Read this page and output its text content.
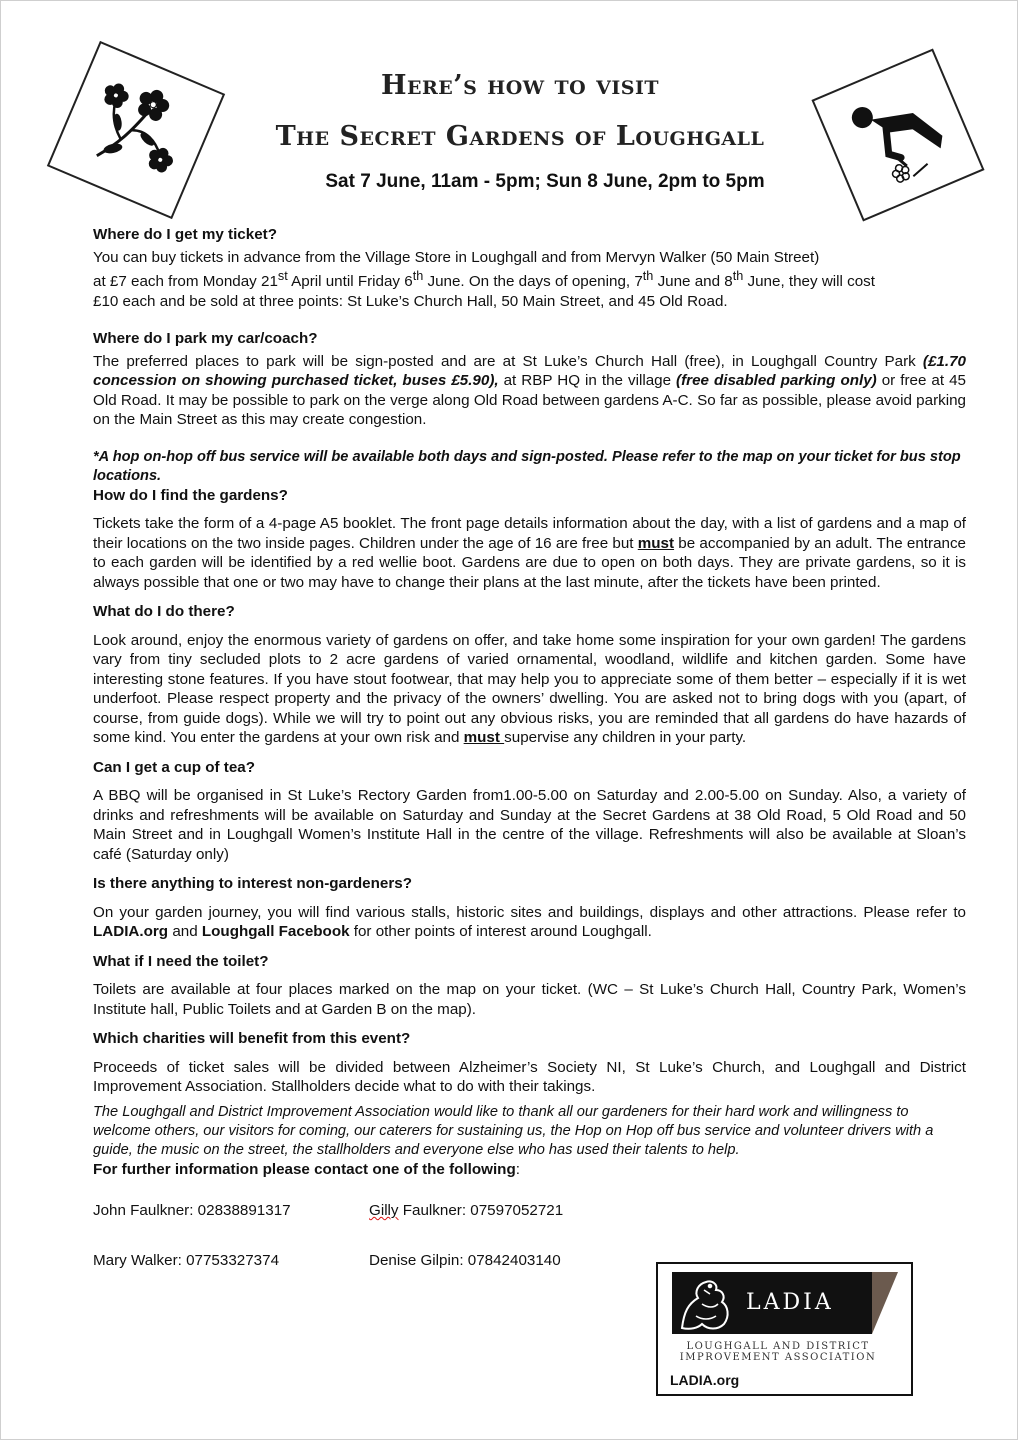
Here’s how to visit
The Secret Gardens of Loughgall
Sat 7 June, 11am - 5pm; Sun 8 June, 2pm to 5pm
Where do I get my ticket?

You can buy tickets in advance from the Village Store in Loughgall and from Mervyn Walker (50 Main Street)

at £7 each from Monday 21st April until Friday 6th June. On the days of opening, 7th June and 8th June, they will cost

£10 each and be sold at three points: St Luke’s Church Hall, 50 Main Street, and 45 Old Road.

Where do I park my car/coach?

The preferred places to park will be sign-posted and are at St Luke’s Church Hall (free), in Loughgall Country Park (£1.70 concession on showing purchased ticket, buses £5.90), at RBP HQ in the village (free disabled parking only) or free at 45 Old Road. It may be possible to park on the verge along Old Road between gardens A-C. So far as possible, please avoid parking on the Main Street as this may create congestion.

*A hop on-hop off bus service will be available both days and sign-posted. Please refer to the map on your ticket for bus stop locations.

How do I find the gardens?

Tickets take the form of a 4-page A5 booklet. The front page details information about the day, with a list of gardens and a map of their locations on the two inside pages. Children under the age of 16 are free but must be accompanied by an adult. The entrance to each garden will be identified by a red wellie boot. Gardens are due to open on both days. They are private gardens, so it is always possible that one or two may have to change their plans at the last minute, after the tickets have been printed.

What do I do there?

Look around, enjoy the enormous variety of gardens on offer, and take home some inspiration for your own garden! The gardens vary from tiny secluded plots to 2 acre gardens of varied ornamental, woodland, wildlife and kitchen garden. Some have interesting stone features. If you have stout footwear, that may help you to appreciate some of them better – especially if it is wet underfoot. Please respect property and the privacy of the owners’ dwelling. You are asked not to bring dogs with you (apart, of course, from guide dogs). While we will try to point out any obvious risks, you are reminded that all gardens do have hazards of some kind. You enter the gardens at your own risk and must supervise any children in your party.

Can I get a cup of tea?

A BBQ will be organised in St Luke’s Rectory Garden from1.00-5.00 on Saturday and 2.00-5.00 on Sunday. Also, a variety of drinks and refreshments will be available on Saturday and Sunday at the Secret Gardens at 38 Old Road, 5 Old Road and 50 Main Street and in Loughgall Women’s Institute Hall in the centre of the village. Refreshments will also be available at Sloan’s café (Saturday only)

Is there anything to interest non-gardeners?

On your garden journey, you will find various stalls, historic sites and buildings, displays and other attractions. Please refer to LADIA.org and Loughgall Facebook for other points of interest around Loughgall.

What if I need the toilet?

Toilets are available at four places marked on the map on your ticket. (WC – St Luke’s Church Hall, Country Park, Women’s Institute hall, Public Toilets and at Garden B on the map).

Which charities will benefit from this event?

Proceeds of ticket sales will be divided between Alzheimer’s Society NI, St Luke’s Church, and Loughgall and District Improvement Association. Stallholders decide what to do with their takings.

The Loughgall and District Improvement Association would like to thank all our gardeners for their hard work and willingness to welcome others, our visitors for coming, our caterers for sustaining us, the Hop on Hop off bus service and volunteer drivers with a guide, the music on the street, the stallholders and everyone else who has used their talents to help.

For further information please contact one of the following:
John Faulkner: 02838891317	Gilly Faulkner: 07597052721
Mary Walker: 07753327374	Denise Gilpin: 07842403140
LADIA
LOUGHGALL AND DISTRICT
IMPROVEMENT ASSOCIATION
LADIA.org
